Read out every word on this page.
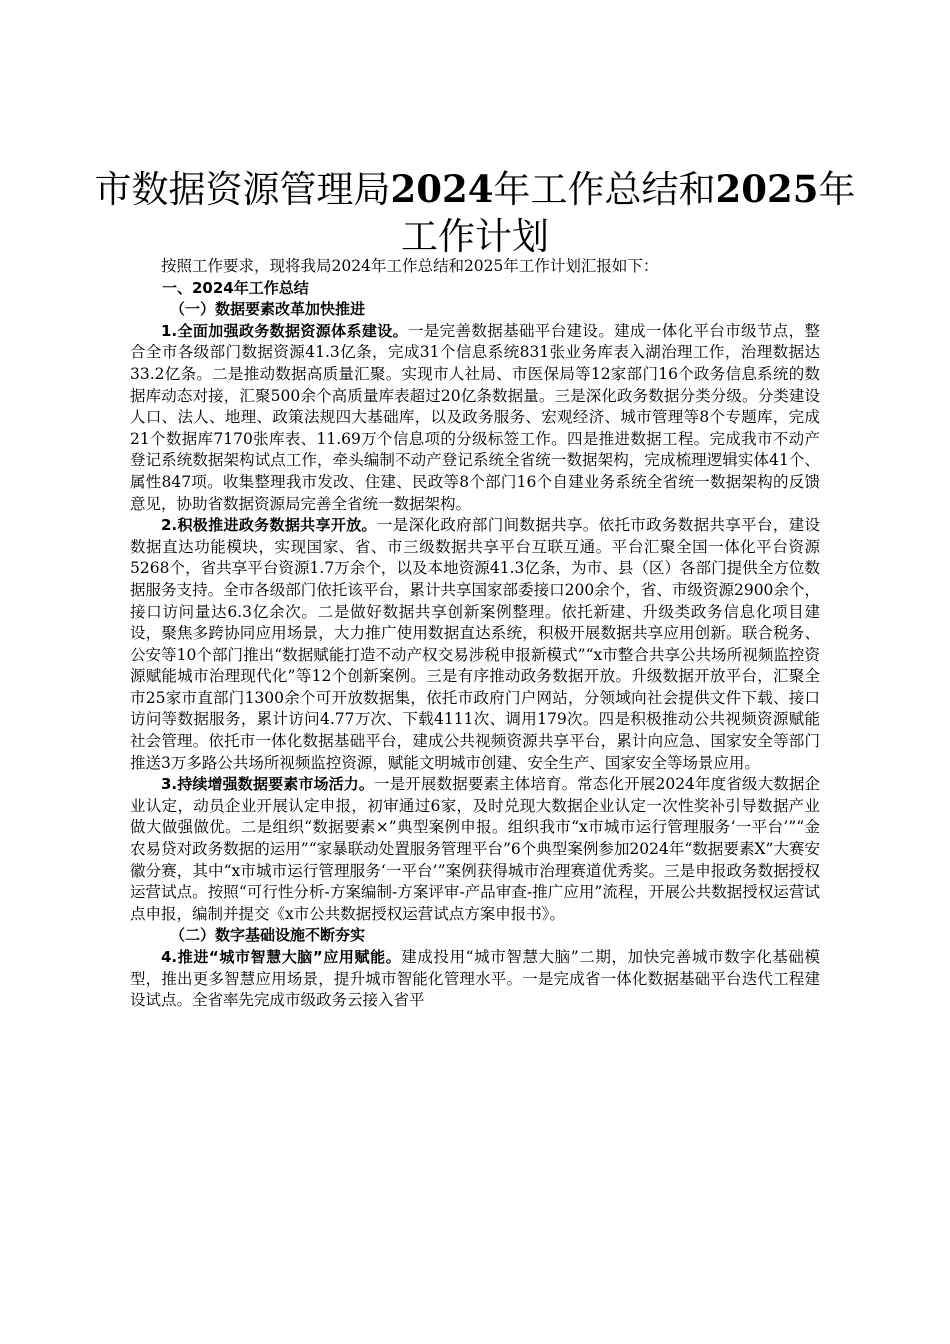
市数据资源管理局2024年工作总结和2025年工作计划

按照工作要求，现将我局2024年工作总结和2025年工作计划汇报如下：

一、2024年工作总结

（一）数据要素改革加快推进

1.全面加强政务数据资源体系建设。一是完善数据基础平台建设。建成一体化平台市级节点，整合全市各级部门数据资源41.3亿条，完成31个信息系统831张业务库表入湖治理工作，治理数据达33.2亿条。二是推动数据高质量汇聚。实现市人社局、市医保局等12家部门16个政务信息系统的数据库动态对接，汇聚500余个高质量库表超过20亿条数据量。三是深化政务数据分类分级。分类建设人口、法人、地理、政策法规四大基础库，以及政务服务、宏观经济、城市管理等8个专题库，完成21个数据库7170张库表、11.69万个信息项的分级标签工作。四是推进数据工程。完成我市不动产登记系统数据架构试点工作，牵头编制不动产登记系统全省统一数据架构，完成梳理逻辑实体41个、属性847项。收集整理我市发改、住建、民政等8个部门16个自建业务系统全省统一数据架构的反馈意见，协助省数据资源局完善全省统一数据架构。

2.积极推进政务数据共享开放。一是深化政府部门间数据共享。依托市政务数据共享平台，建设数据直达功能模块，实现国家、省、市三级数据共享平台互联互通。平台汇聚全国一体化平台资源5268个，省共享平台资源1.7万余个，以及本地资源41.3亿条，为市、县（区）各部门提供全方位数据服务支持。全市各级部门依托该平台，累计共享国家部委接口200余个，省、市级资源2900余个，接口访问量达6.3亿余次。二是做好数据共享创新案例整理。依托新建、升级类政务信息化项目建设，聚焦多跨协同应用场景，大力推广使用数据直达系统，积极开展数据共享应用创新。联合税务、公安等10个部门推出“数据赋能打造不动产权交易涉税申报新模式”“x市整合共享公共场所视频监控资源赋能城市治理现代化”等12个创新案例。三是有序推动政务数据开放。升级数据开放平台，汇聚全市25家市直部门1300余个可开放数据集，依托市政府门户网站，分领域向社会提供文件下载、接口访问等数据服务，累计访问4.77万次、下载4111次、调用179次。四是积极推动公共视频资源赋能社会管理。依托市一体化数据基础平台，建成公共视频资源共享平台，累计向应急、国家安全等部门推送3万多路公共场所视频监控资源，赋能文明城市创建、安全生产、国家安全等场景应用。

3.持续增强数据要素市场活力。一是开展数据要素主体培育。常态化开展2024年度省级大数据企业认定，动员企业开展认定申报，初审通过6家，及时兑现大数据企业认定一次性奖补引导数据产业做大做强做优。二是组织“数据要素×”典型案例申报。组织我市“x市城市运行管理服务‘一平台’”“金农易贷对政务数据的运用”“家暴联动处置服务管理平台”6个典型案例参加2024年“数据要素X”大赛安徽分赛，其中“x市城市运行管理服务‘一平台’”案例获得城市治理赛道优秀奖。三是申报政务数据授权运营试点。按照“可行性分析-方案编制-方案评审-产品审查-推广应用”流程，开展公共数据授权运营试点申报，编制并提交《x市公共数据授权运营试点方案申报书》。

（二）数字基础设施不断夯实

4.推进“城市智慧大脑”应用赋能。建成投用“城市智慧大脑”二期，加快完善城市数字化基础模型，推出更多智慧应用场景，提升城市智能化管理水平。一是完成省一体化数据基础平台迭代工程建设试点。全省率先完成市级政务云接入省平
